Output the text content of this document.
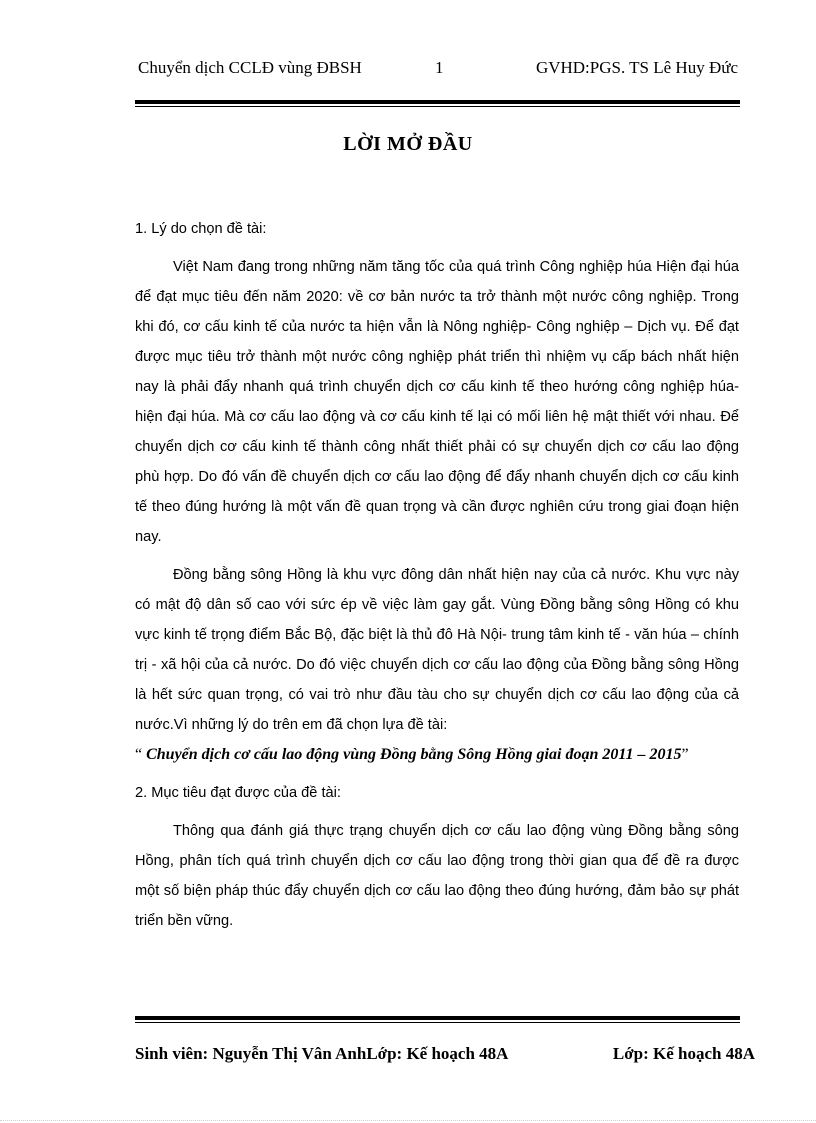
Chuyển dịch CCLĐ vùng ĐBSH	1	GVHD:PGS. TS Lê Huy Đức
LỜI MỞ ĐẦU

1. Lý do chọn đề tài:

Việt Nam đang trong những năm tăng tốc của quá trình Công nghiệp húa Hiện đại húa để đạt mục tiêu đến năm 2020: về cơ bản nước ta trở thành một nước công nghiệp. Trong khi đó, cơ cấu kinh tế của nước ta hiện vẫn là Nông nghiệp- Công nghiệp – Dịch vụ. Để đạt được mục tiêu trở thành một nước công nghiệp phát triển thì nhiệm vụ cấp bách nhất hiện nay là phải đẩy nhanh quá trình chuyển dịch cơ cấu kinh tế theo hướng công nghiệp húa- hiện đại húa. Mà cơ cấu lao động và cơ cấu kinh tế lại có mối liên hệ mật thiết với nhau. Để chuyển dịch cơ cấu kinh tế thành công nhất thiết phải có sự chuyển dịch cơ cấu lao động phù hợp. Do đó vấn đề chuyển dịch cơ cấu lao động để đẩy nhanh chuyển dịch cơ cấu kinh tế theo đúng hướng là một vấn đề quan trọng và cần được nghiên cứu trong giai đoạn hiện nay.

Đồng bằng sông Hồng là khu vực đông dân nhất hiện nay của cả nước. Khu vực này có mật độ dân số cao với sức ép về việc làm gay gắt. Vùng Đồng bằng sông Hồng có khu vực kinh tế trọng điểm Bắc Bộ, đặc biệt là thủ đô Hà Nội- trung tâm kinh tế - văn húa – chính trị - xã hội của cả nước. Do đó việc chuyển dịch cơ cấu lao động của Đồng bằng sông Hồng là hết sức quan trọng, có vai trò như đầu tàu cho sự chuyển dịch cơ cấu lao động của cả nước.Vì những lý do trên em đã chọn lựa đề tài:

“ Chuyển dịch cơ cấu lao động vùng Đồng bằng Sông Hồng giai đoạn 2011 – 2015”

2. Mục tiêu đạt được của đề tài:

Thông qua đánh giá thực trạng chuyển dịch cơ cấu lao động vùng Đồng bằng sông Hồng, phân tích quá trình chuyển dịch cơ cấu lao động trong thời gian qua để đề ra được một số biện pháp thúc đẩy chuyển dịch cơ cấu lao động theo đúng hướng, đảm bảo sự phát triển bền vững.

Sinh viên: Nguyễn Thị Vân AnhLớp: Kế hoạch 48A	Lớp: Kế hoạch 48A
